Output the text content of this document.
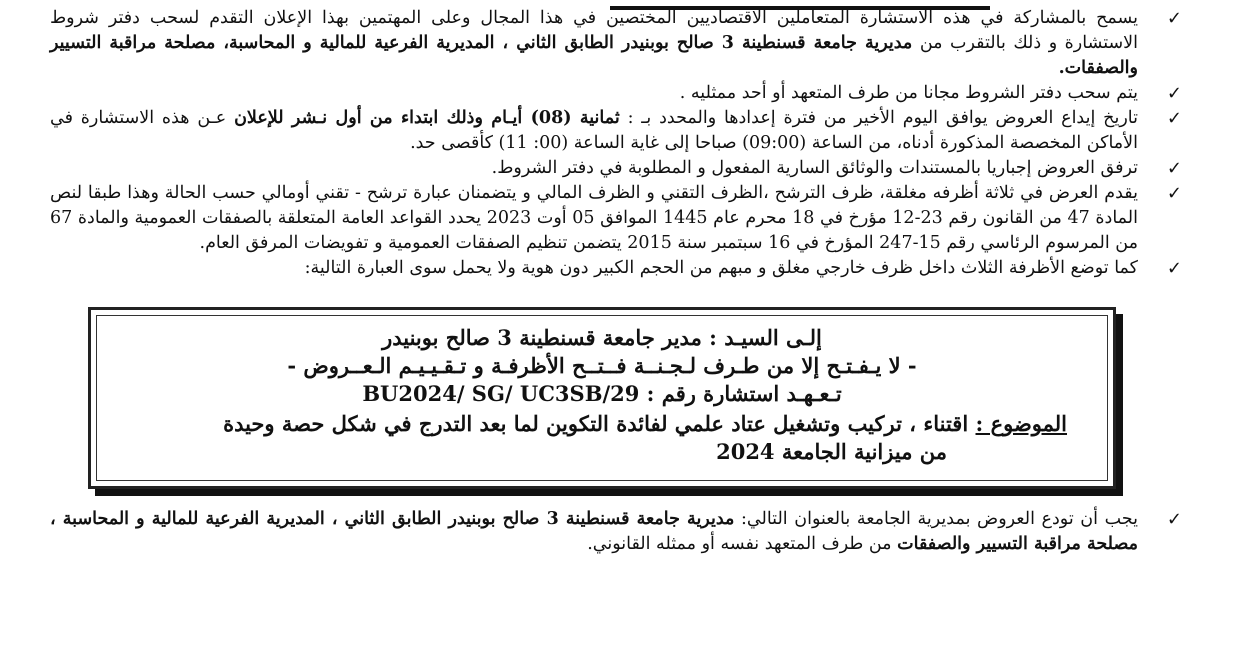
✓
يسمح بالمشاركة في هذه الاستشارة المتعاملين الاقتصاديين المختصين في هذا المجال وعلى المهتمين بهذا الإعلان التقدم لسحب دفتر شروط الاستشارة و ذلك بالتقرب من مديرية جامعة قسنطينة 3 صالح بوبنيدر الطابق الثاني ، المديرية الفرعية للمالية و المحاسبة، مصلحة مراقبة التسيير والصفقات.
✓
يتم سحب دفتر الشروط مجانا من طرف المتعهد أو أحد ممثليه .
✓
تاريخ إيداع العروض يوافق اليوم الأخير من فترة إعدادها والمحدد بـ : ثمانية (08) أيـام وذلك ابتداء من أول نـشر للإعلان عـن هذه الاستشارة في الأماكن المخصصة المذكورة أدناه، من الساعة (09:00) صباحا إلى غاية الساعة (00: 11) كأقصى حد.
✓
ترفق العروض إجباريا بالمستندات والوثائق السارية المفعول و المطلوبة في دفتر الشروط.
✓
يقدم العرض في ثلاثة أظرفه مغلقة، ظرف الترشح ،الظرف التقني و الظرف المالي و يتضمنان عبارة ترشح - تقني أومالي حسب الحالة وهذا طبقا لنص المادة 47 من القانون رقم 23-12 مؤرخ في 18 محرم عام 1445 الموافق 05 أوت 2023 يحدد القواعد العامة المتعلقة بالصفقات العمومية والمادة 67 من المرسوم الرئاسي رقم 15-247 المؤرخ في 16 سبتمبر سنة 2015 يتضمن تنظيم الصفقات العمومية و تفويضات المرفق العام.
✓
كما توضع الأظرفة الثلاث داخل ظرف خارجي مغلق و مبهم من الحجم الكبير دون هوية ولا يحمل سوى العبارة التالية:
إلـى السيـد : مدير جامعة قسنطينة 3 صالح بوبنيدر
- لا يـفـتـح إلا من طـرف لـجـنــة فــتــح الأظرفـة و تـقـيـيـم الـعــروض -
تـعـهـد استشارة رقم : BU2024/ SG/ UC3SB/29
الموضوع : اقتناء ، تركيب وتشغيل عتاد علمي لفائدة التكوين لما بعد التدرج في شكل حصة وحيدة
من ميزانية الجامعة 2024
✓
يجب أن تودع العروض بمديرية الجامعة بالعنوان التالي: مديرية جامعة قسنطينة 3 صالح بوبنيدر الطابق الثاني ، المديرية الفرعية للمالية و المحاسبة ، مصلحة مراقبة التسيير والصفقات من طرف المتعهد نفسه أو ممثله القانوني.
